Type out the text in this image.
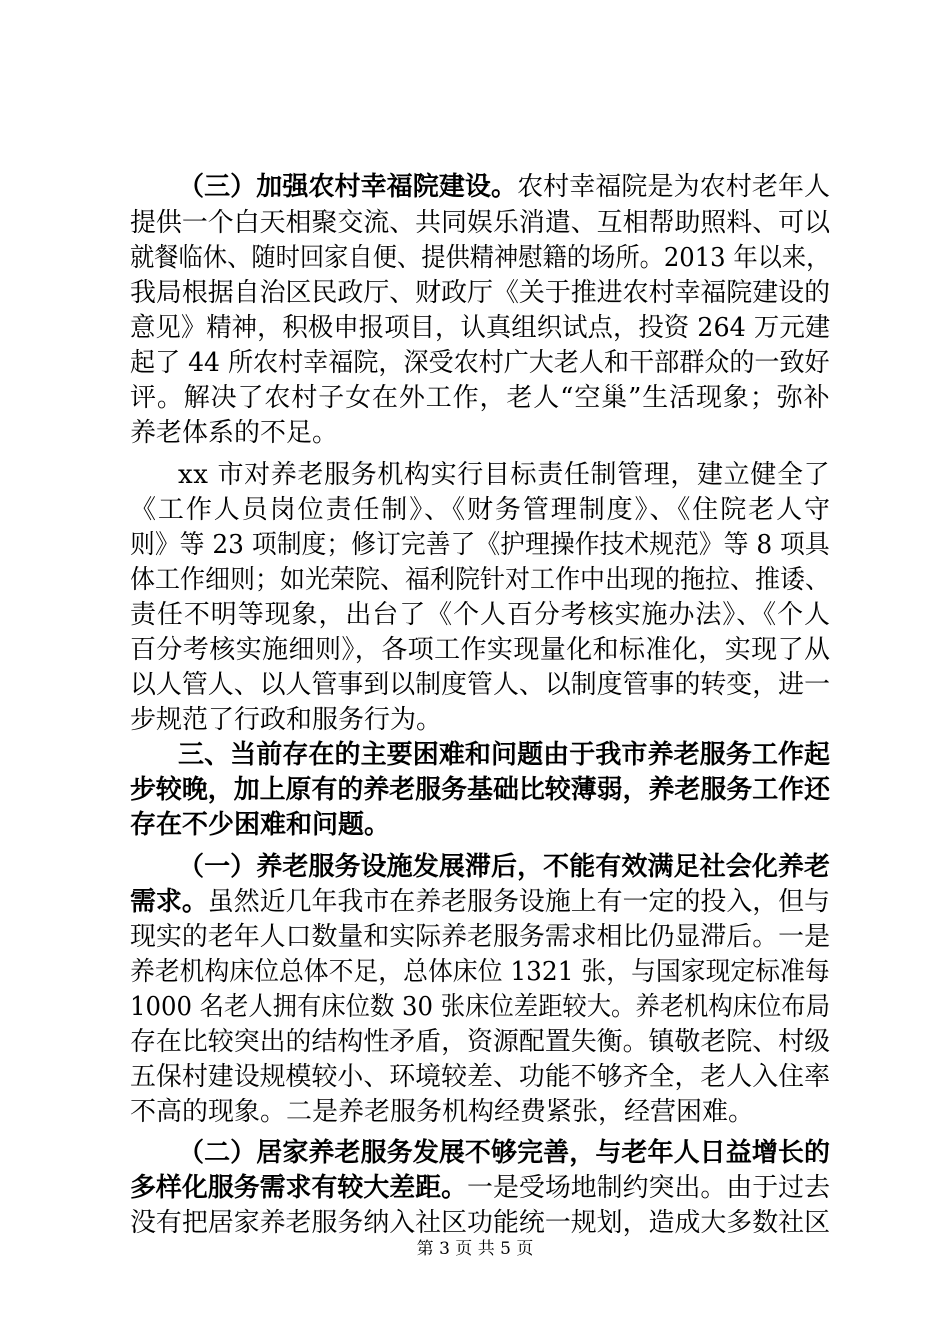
（三）加强农村幸福院建设。农村幸福院是为农村老年人
提供一个白天相聚交流、共同娱乐消遣、互相帮助照料、可以
就餐临休、随时回家自便、提供精神慰籍的场所。2013 年以来，
我局根据自治区民政厅、财政厅《关于推进农村幸福院建设的
意见》精神，积极申报项目，认真组织试点，投资 264 万元建
起了 44 所农村幸福院，深受农村广大老人和干部群众的一致好
评。解决了农村子女在外工作，老人“空巢”生活现象；弥补
养老体系的不足。
xx 市对养老服务机构实行目标责任制管理，建立健全了
《工作人员岗位责任制》、《财务管理制度》、《住院老人守
则》等 23 项制度；修订完善了《护理操作技术规范》等 8 项具
体工作细则；如光荣院、福利院针对工作中出现的拖拉、推诿、
责任不明等现象，出台了《个人百分考核实施办法》、《个人
百分考核实施细则》，各项工作实现量化和标准化，实现了从
以人管人、以人管事到以制度管人、以制度管事的转变，进一
步规范了行政和服务行为。
三、当前存在的主要困难和问题由于我市养老服务工作起
步较晚，加上原有的养老服务基础比较薄弱，养老服务工作还
存在不少困难和问题。
（一）养老服务设施发展滞后，不能有效满足社会化养老
需求。虽然近几年我市在养老服务设施上有一定的投入，但与
现实的老年人口数量和实际养老服务需求相比仍显滞后。一是
养老机构床位总体不足，总体床位 1321 张，与国家现定标准每
1000 名老人拥有床位数 30 张床位差距较大。养老机构床位布局
存在比较突出的结构性矛盾，资源配置失衡。镇敬老院、村级
五保村建设规模较小、环境较差、功能不够齐全，老人入住率
不高的现象。二是养老服务机构经费紧张，经营困难。
（二）居家养老服务发展不够完善，与老年人日益增长的
多样化服务需求有较大差距。一是受场地制约突出。由于过去
没有把居家养老服务纳入社区功能统一规划，造成大多数社区
第 3 页 共 5 页
